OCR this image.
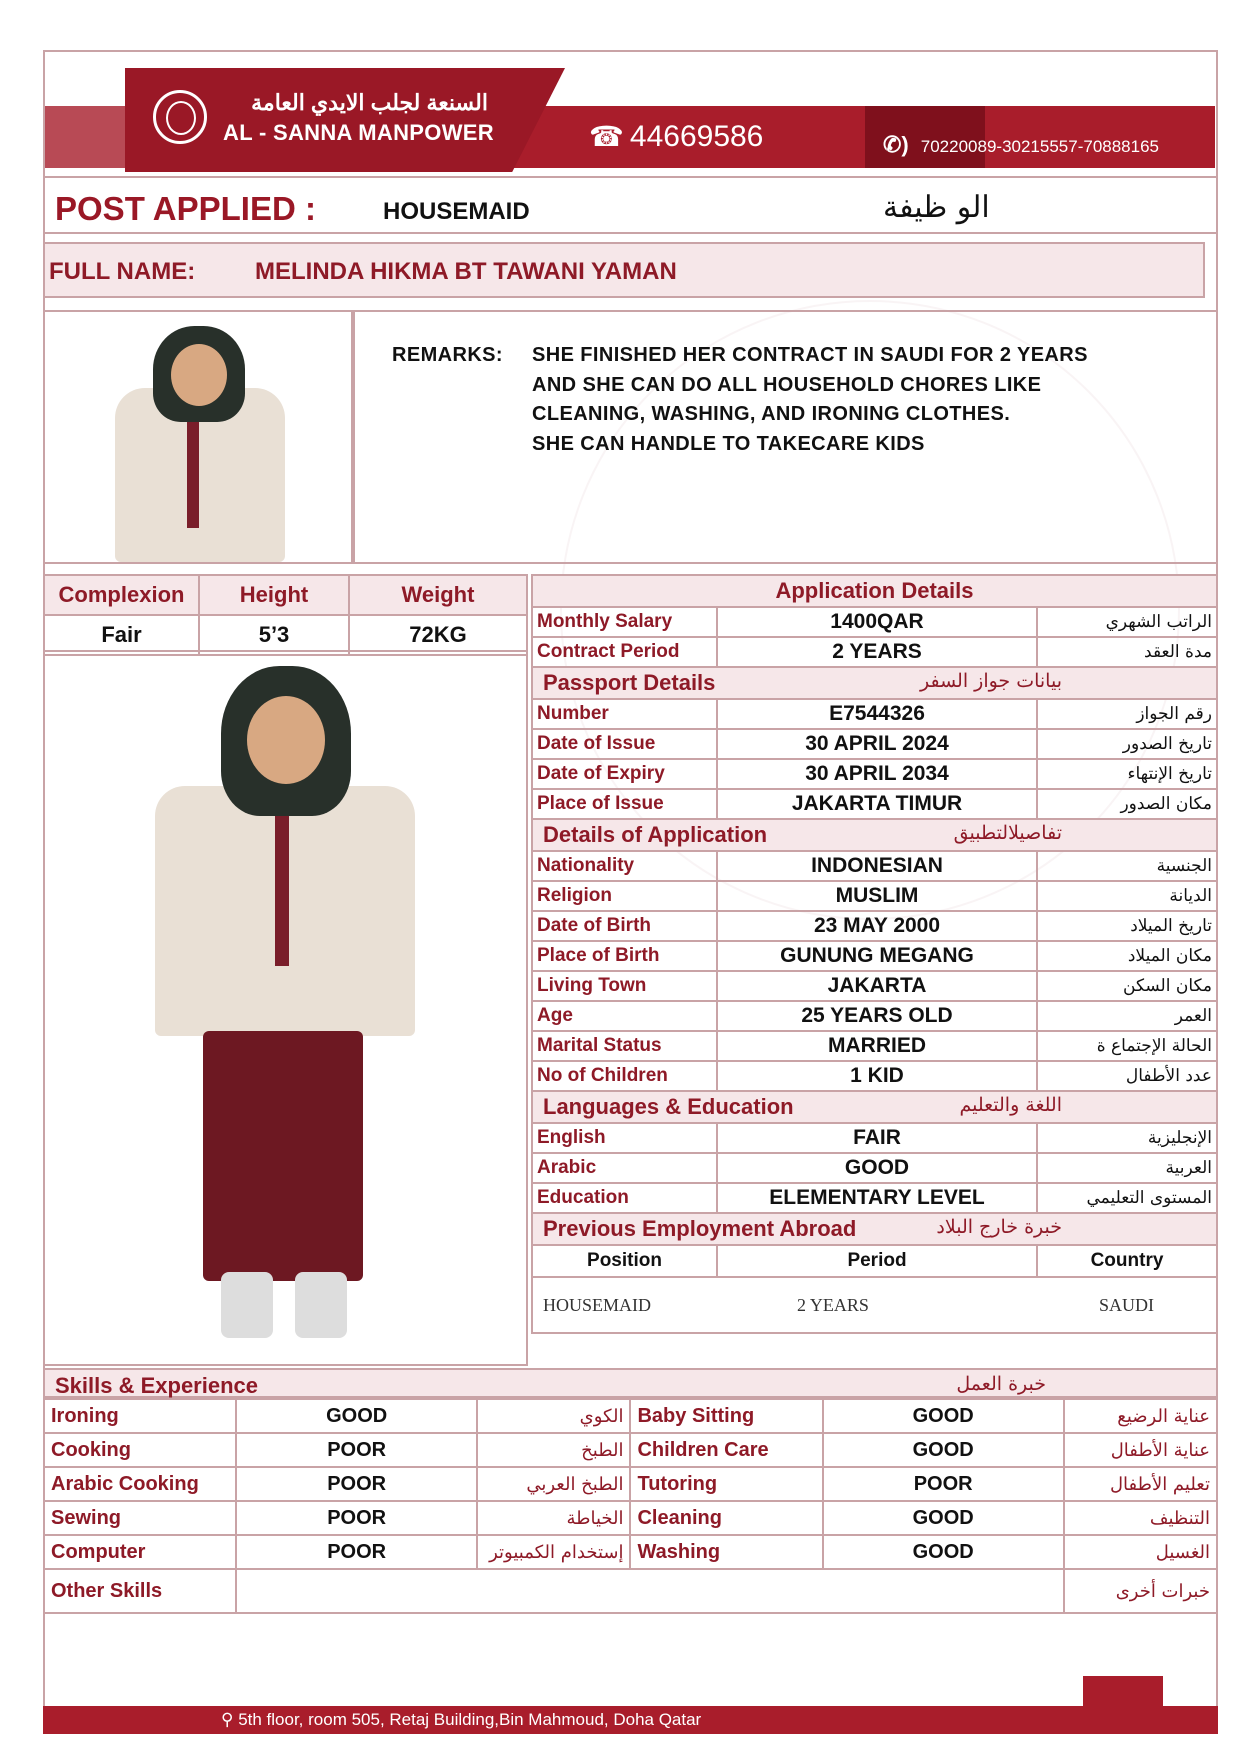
السنعة لجلب الايدي العامة
AL - SANNA MANPOWER	☎ 44669586	✆) 70220089-30215557-70888165
POST APPLIED :	HOUSEMAID	الو ظيفة
FULL NAME: MELINDA HIKMA BT TAWANI YAMAN
REMARKS: SHE FINISHED HER CONTRACT IN SAUDI FOR 2 YEARS
AND SHE CAN DO ALL HOUSEHOLD CHORES LIKE
CLEANING, WASHING, AND IRONING CLOTHES.
SHE CAN HANDLE TO TAKECARE KIDS
Complexion	Height	Weight
Fair	5’3	72KG
Application Details		
Monthly Salary	1400QAR	الراتب الشهري
Contract Period	2 YEARS	مدة العقد
Passport Details بيانات جواز السفر		

Number	E7544326	رقم الجواز
Date of Issue	30 APRIL 2024	تاريخ الصدور
Date of Expiry	30 APRIL 2034	تاريخ الإنتهاء
Place of Issue	JAKARTA TIMUR	مكان الصدور
Details of Application تفاصيلالتطبيق		

Nationality	INDONESIAN	الجنسية
Religion	MUSLIM	الديانة
Date of Birth	23 MAY 2000	تاريخ الميلاد
Place of Birth	GUNUNG MEGANG	مكان الميلاد
Living Town	JAKARTA	مكان السكن
Age	25 YEARS OLD	العمر
Marital Status	MARRIED	الحالة الإجتماع ة
No of Children	1 KID	عدد الأطفال
Languages & Education اللغة والتعليم		

English	FAIR	الإنجليزية
Arabic	GOOD	العربية
Education	ELEMENTARY LEVEL	المستوى التعليمي
Previous Employment Abroad خبرة خارج البلاد		

Position	Period	Country
HOUSEMAID	2 YEARS	SAUDI
Skills & Experience	خبرة العمل
Ironing	GOOD	الكوي	Baby Sitting	GOOD	عناية الرضيع
Cooking	POOR	الطبخ	Children Care	GOOD	عناية الأطفال
Arabic Cooking	POOR	الطبخ العربي	Tutoring	POOR	تعليم الأطفال
Sewing	POOR	الخياطة	Cleaning	GOOD	التنظيف
Computer	POOR	إستخدام الكمبيوتر	Washing	GOOD	الغسيل
Other Skills					خبرات أخرى
⚲ 5th floor, room 505, Retaj Building,Bin Mahmoud, Doha Qatar
